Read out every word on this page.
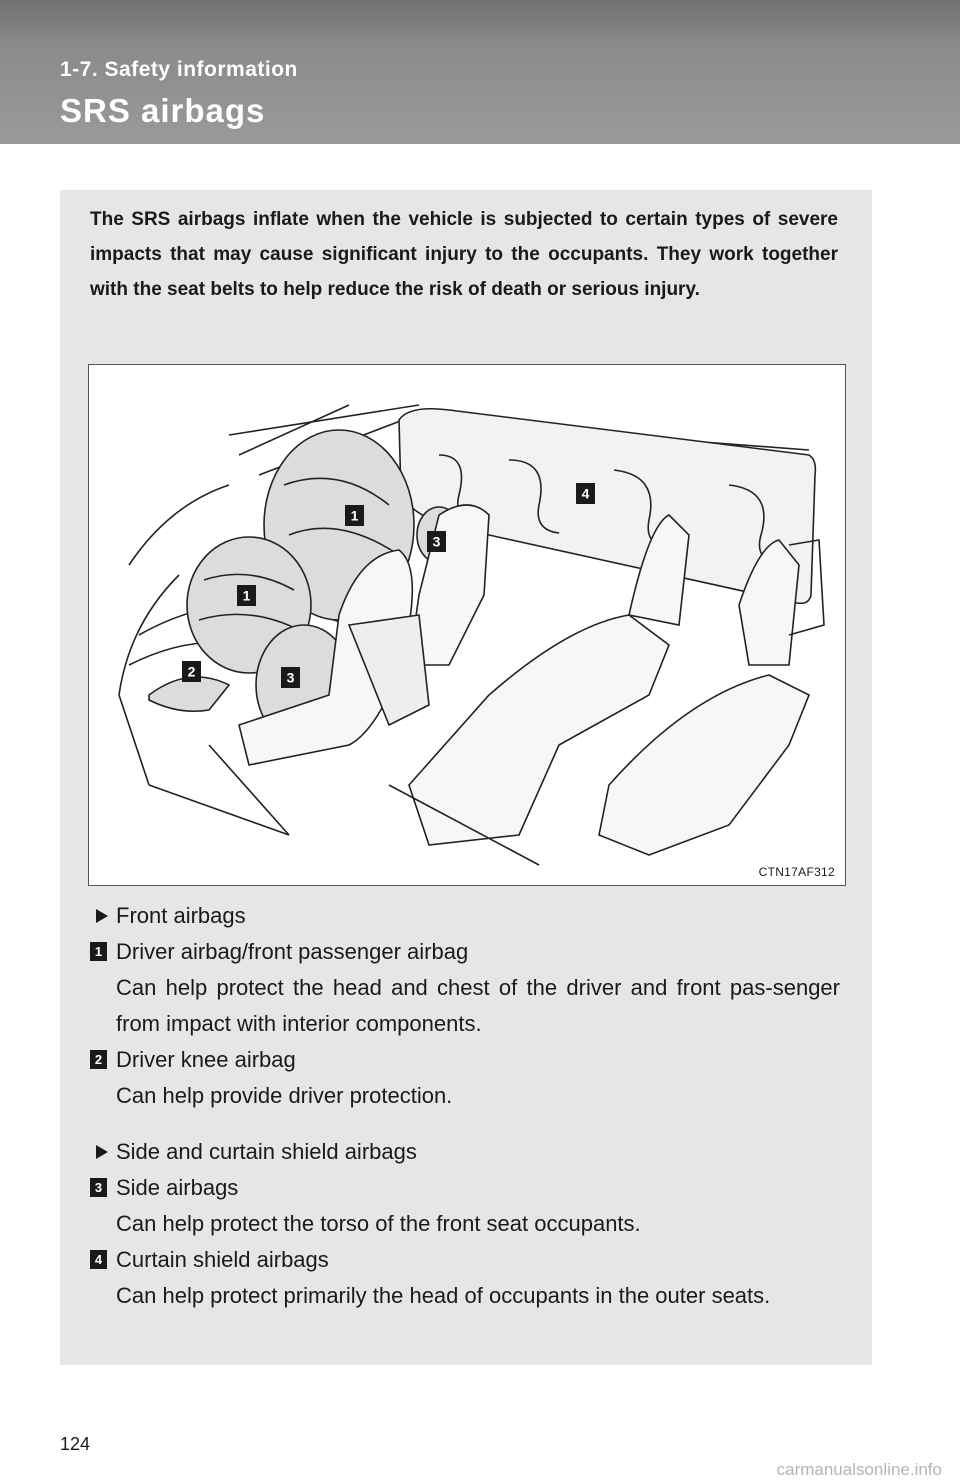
1-7. Safety information
SRS airbags
The SRS airbags inflate when the vehicle is subjected to certain types of severe impacts that may cause significant injury to the occupants. They work together with the seat belts to help reduce the risk of death or serious injury.
1
1
2	3
3
4
CTN17AF312
Front airbags
1 Driver airbag/front passenger airbag
Can help protect the head and chest of the driver and front pas-senger from impact with interior components.
2 Driver knee airbag
Can help provide driver protection.
Side and curtain shield airbags
3 Side airbags
Can help protect the torso of the front seat occupants.
4 Curtain shield airbags
Can help protect primarily the head of occupants in the outer seats.
124
carmanualsonline.info
